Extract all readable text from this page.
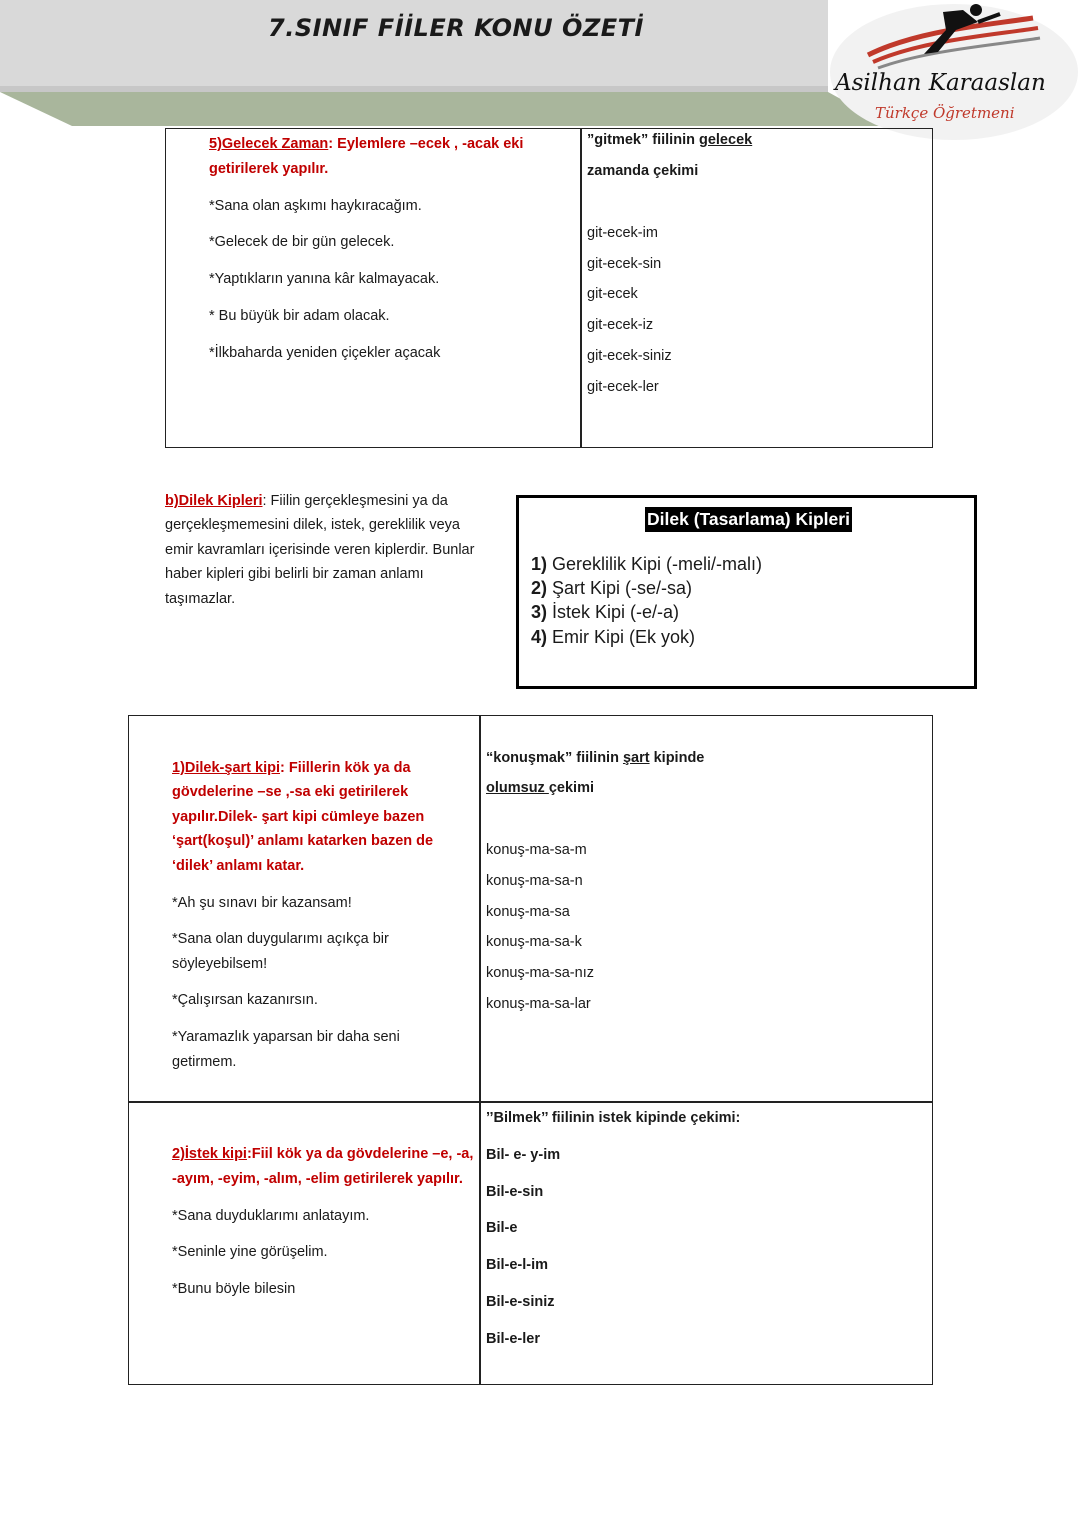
7.SINIF FİİLER KONU ÖZETİ
Asilhan Karaaslan
Türkçe Öğretmeni
5)Gelecek Zaman: Eylemlere –ecek , -acak eki
getirilerek yapılır.
*Sana olan aşkımı haykıracağım.
*Gelecek de bir gün gelecek.
*Yaptıkların yanına kâr kalmayacak.
* Bu büyük bir adam olacak.
*İlkbaharda yeniden çiçekler açacak
”gitmek” fiilinin gelecek
zamanda çekimi
git-ecek-im
git-ecek-sin
git-ecek
git-ecek-iz
git-ecek-siniz
git-ecek-ler
b)Dilek Kipleri: Fiilin gerçekleşmesini ya da
gerçekleşmemesini dilek, istek, gereklilik veya
emir kavramları içerisinde veren kiplerdir. Bunlar
haber kipleri gibi belirli bir zaman anlamı
taşımazlar.
Dilek (Tasarlama) Kipleri
1) Gereklilik Kipi (-meli/-malı)
2) Şart Kipi (-se/-sa)
3) İstek Kipi (-e/-a)
4) Emir Kipi (Ek yok)
1)Dilek-şart kipi: Fiillerin kök ya da
gövdelerine –se ,-sa eki getirilerek
yapılır.Dilek- şart kipi cümleye bazen
‘şart(koşul)’ anlamı katarken bazen de
‘dilek’ anlamı katar.
*Ah şu sınavı bir kazansam!
*Sana olan duygularımı açıkça bir
söyleyebilsem!
*Çalışırsan kazanırsın.
*Yaramazlık yaparsan bir daha seni
getirmem.
“konuşmak” fiilinin şart kipinde
olumsuz çekimi
konuş-ma-sa-m
konuş-ma-sa-n
konuş-ma-sa
konuş-ma-sa-k
konuş-ma-sa-nız
konuş-ma-sa-lar
2)İstek kipi:Fiil kök ya da gövdelerine –e, -a,
-ayım, -eyim, -alım, -elim getirilerek yapılır.
*Sana duyduklarımı anlatayım.
*Seninle yine görüşelim.
*Bunu böyle bilesin
’’Bilmek’’ fiilinin istek kipinde çekimi:
Bil- e- y-im
Bil-e-sin
Bil-e
Bil-e-l-im
Bil-e-siniz
Bil-e-ler
